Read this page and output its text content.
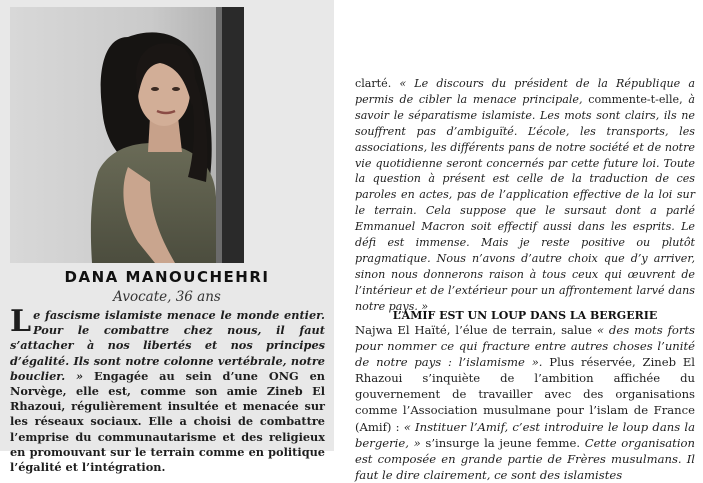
DANA MANOUCHEHRI
Avocate, 36 ans

Le fascisme islamiste menace le monde entier. Pour le combattre chez nous, il faut s’attacher à nos libertés et nos principes d’égalité. Ils sont notre colonne vertébrale, notre bouclier. » Engagée au sein d’une ONG en Norvège, elle est, comme son amie Zineb El Rhazoui, régulièrement insultée et menacée sur les réseaux sociaux. Elle a choisi de combattre l’emprise du communautarisme et des religieux en promouvant sur le terrain comme en politique l’égalité et l’intégration.

clarté. « Le discours du président de la République a permis de cibler la menace principale, commente-t-elle, à savoir le séparatisme islamiste. Les mots sont clairs, ils ne souffrent pas d’ambiguïté. L’école, les transports, les associations, les différents pans de notre société et de notre vie quotidienne seront concernés par cette future loi. Toute la question à présent est celle de la traduction de ces paroles en actes, pas de l’application effective de la loi sur le terrain. Cela suppose que le sursaut dont a parlé Emmanuel Macron soit effectif aussi dans les esprits. Le défi est immense. Mais je reste positive ou plutôt pragmatique. Nous n’avons d’autre choix que d’y arriver, sinon nous donnerons raison à tous ceux qui œuvrent de l’intérieur et de l’extérieur pour un affrontement larvé dans notre pays. »

L’AMIF EST UN LOUP DANS LA BERGERIE

Najwa El Haïté, l’élue de terrain, salue « des mots forts pour nommer ce qui fracture entre autres choses l’unité de notre pays : l’islamisme ». Plus réservée, Zineb El Rhazoui s’inquiète de l’ambition affichée du gouvernement de travailler avec des organisations comme l’Association musulmane pour l’islam de France (Amif) : « Instituer l’Amif, c’est introduire le loup dans la bergerie, » s’insurge la jeune femme. Cette organisation est composée en grande partie de Frères musulmans. Il faut le dire clairement, ce sont des islamistes
